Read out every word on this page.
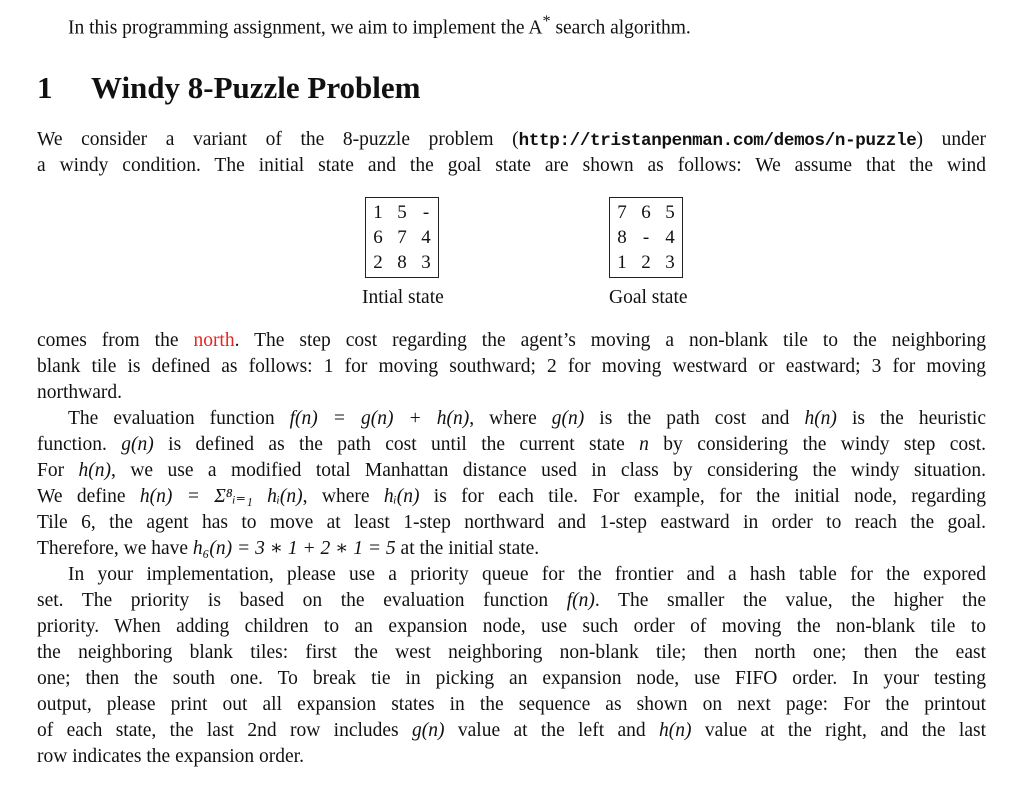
In this programming assignment, we aim to implement the A* search algorithm.
1 Windy 8-Puzzle Problem
We consider a variant of the 8-puzzle problem (http://tristanpenman.com/demos/n-puzzle) under
a windy condition. The initial state and the goal state are shown as follows: We assume that the wind
1	5	-
6	7	4
2	8	3
Intial state
7	6	5
8	-	4
1	2	3
Goal state
comes from the north. The step cost regarding the agent’s moving a non-blank tile to the neighboring
blank tile is defined as follows: 1 for moving southward; 2 for moving westward or eastward; 3 for moving
northward.
The evaluation function f(n) = g(n) + h(n), where g(n) is the path cost and h(n) is the heuristic
function. g(n) is defined as the path cost until the current state n by considering the windy step cost.
For h(n), we use a modified total Manhattan distance used in class by considering the windy situation.
We define h(n) = Σ⁸ᵢ₌₁ hᵢ(n), where hᵢ(n) is for each tile. For example, for the initial node, regarding
Tile 6, the agent has to move at least 1-step northward and 1-step eastward in order to reach the goal.
Therefore, we have h₆(n) = 3 ∗ 1 + 2 ∗ 1 = 5 at the initial state.
In your implementation, please use a priority queue for the frontier and a hash table for the expored
set. The priority is based on the evaluation function f(n). The smaller the value, the higher the
priority. When adding children to an expansion node, use such order of moving the non-blank tile to
the neighboring blank tiles: first the west neighboring non-blank tile; then north one; then the east
one; then the south one. To break tie in picking an expansion node, use FIFO order. In your testing
output, please print out all expansion states in the sequence as shown on next page: For the printout
of each state, the last 2nd row includes g(n) value at the left and h(n) value at the right, and the last
row indicates the expansion order.
